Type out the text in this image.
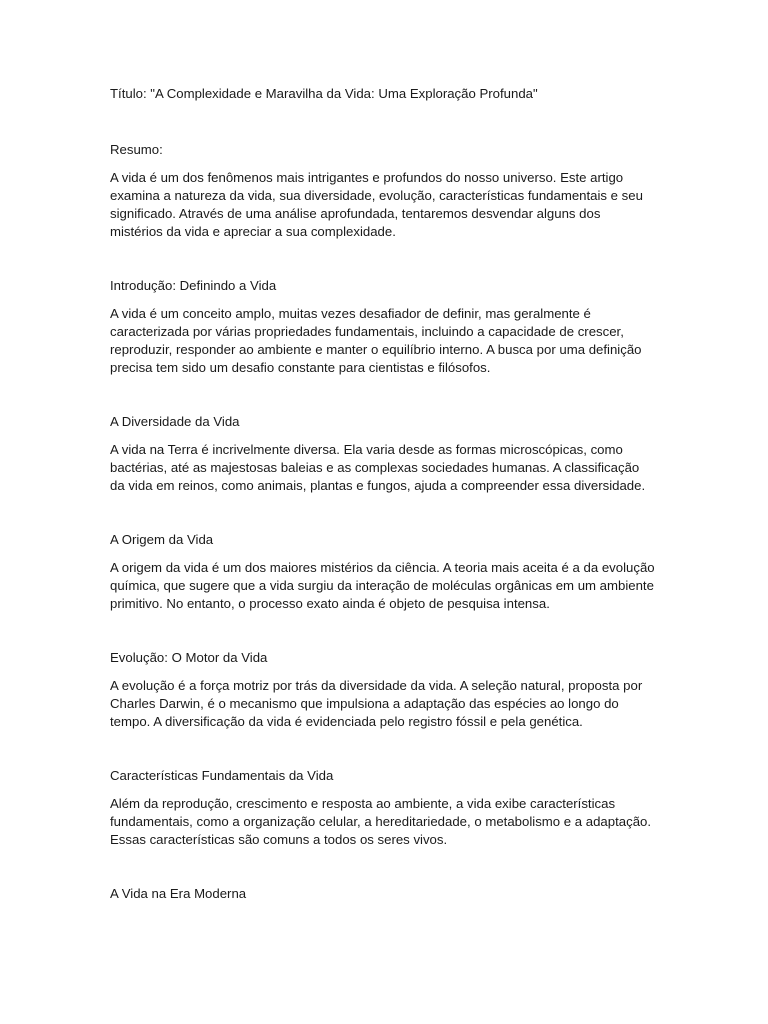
Título: "A Complexidade e Maravilha da Vida: Uma Exploração Profunda"

Resumo:

A vida é um dos fenômenos mais intrigantes e profundos do nosso universo. Este artigo examina a natureza da vida, sua diversidade, evolução, características fundamentais e seu significado. Através de uma análise aprofundada, tentaremos desvendar alguns dos mistérios da vida e apreciar a sua complexidade.

Introdução: Definindo a Vida

A vida é um conceito amplo, muitas vezes desafiador de definir, mas geralmente é caracterizada por várias propriedades fundamentais, incluindo a capacidade de crescer, reproduzir, responder ao ambiente e manter o equilíbrio interno. A busca por uma definição precisa tem sido um desafio constante para cientistas e filósofos.

A Diversidade da Vida

A vida na Terra é incrivelmente diversa. Ela varia desde as formas microscópicas, como bactérias, até as majestosas baleias e as complexas sociedades humanas. A classificação da vida em reinos, como animais, plantas e fungos, ajuda a compreender essa diversidade.

A Origem da Vida

A origem da vida é um dos maiores mistérios da ciência. A teoria mais aceita é a da evolução química, que sugere que a vida surgiu da interação de moléculas orgânicas em um ambiente primitivo. No entanto, o processo exato ainda é objeto de pesquisa intensa.

Evolução: O Motor da Vida

A evolução é a força motriz por trás da diversidade da vida. A seleção natural, proposta por Charles Darwin, é o mecanismo que impulsiona a adaptação das espécies ao longo do tempo. A diversificação da vida é evidenciada pelo registro fóssil e pela genética.

Características Fundamentais da Vida

Além da reprodução, crescimento e resposta ao ambiente, a vida exibe características fundamentais, como a organização celular, a hereditariedade, o metabolismo e a adaptação. Essas características são comuns a todos os seres vivos.

A Vida na Era Moderna
